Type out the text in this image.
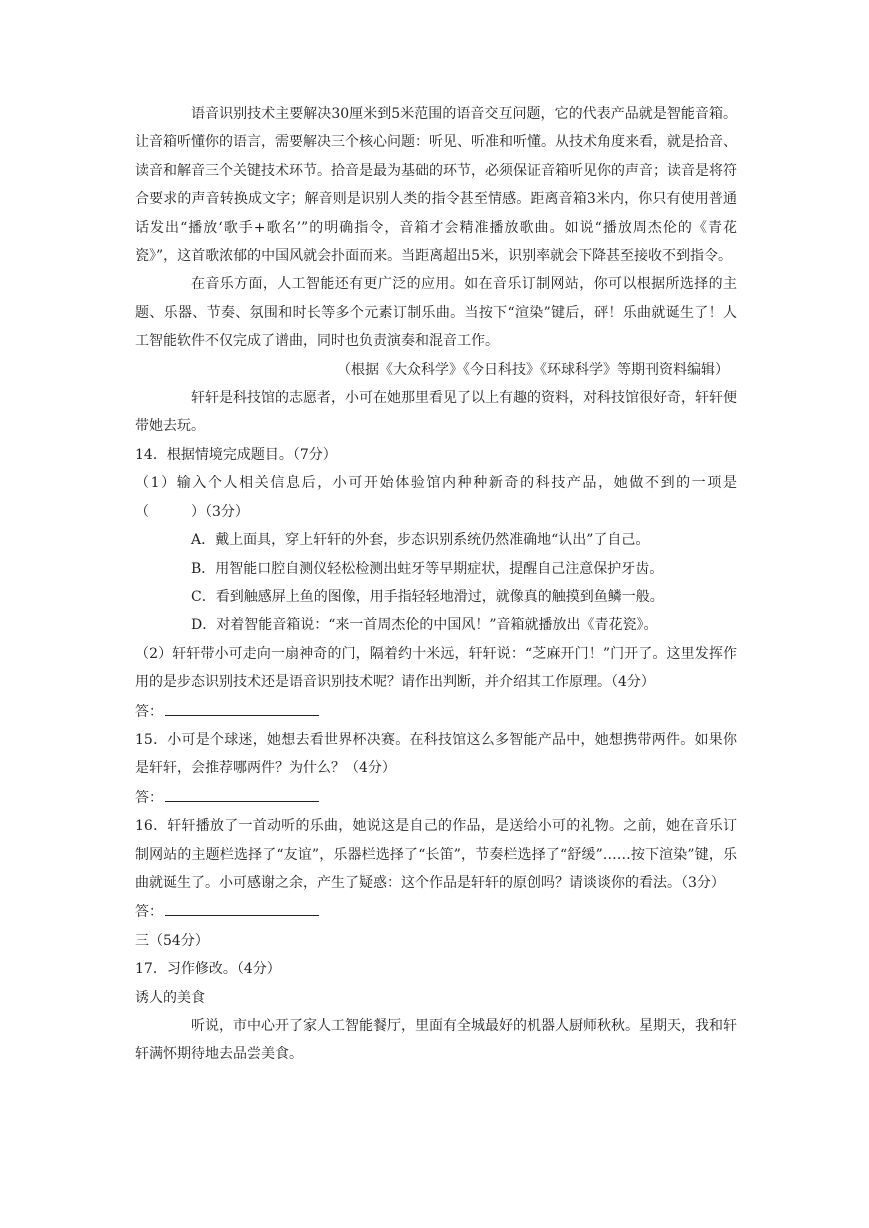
语音识别技术主要解决30厘米到5米范围的语音交互问题，它的代表产品就是智能音箱。让音箱听懂你的语言，需要解决三个核心问题：听见、听准和听懂。从技术角度来看，就是拾音、读音和解音三个关键技术环节。拾音是最为基础的环节，必须保证音箱听见你的声音；读音是将符合要求的声音转换成文字；解音则是识别人类的指令甚至情感。距离音箱3米内，你只有使用普通话发出“播放‘歌手+歌名’”的明确指令，音箱才会精准播放歌曲。如说“播放周杰伦的《青花瓷》”，这首歌浓郁的中国风就会扑面而来。当距离超出5米，识别率就会下降甚至接收不到指令。

在音乐方面，人工智能还有更广泛的应用。如在音乐订制网站，你可以根据所选择的主题、乐器、节奏、氛围和时长等多个元素订制乐曲。当按下“渲染”键后，砰！乐曲就诞生了！人工智能软件不仅完成了谱曲，同时也负责演奏和混音工作。

（根据《大众科学》《今日科技》《环球科学》等期刊资料编辑）

轩轩是科技馆的志愿者，小可在她那里看见了以上有趣的资料，对科技馆很好奇，轩轩便带她去玩。

14．根据情境完成题目。（7分）

（1）输入个人相关信息后，小可开始体验馆内种种新奇的科技产品，她做不到的一项是（　　　）（3分）

A．戴上面具，穿上轩轩的外套，步态识别系统仍然准确地“认出”了自己。

B．用智能口腔自测仪轻松检测出蛀牙等早期症状，提醒自己注意保护牙齿。

C．看到触感屏上鱼的图像，用手指轻轻地滑过，就像真的触摸到鱼鳞一般。

D．对着智能音箱说：“来一首周杰伦的中国风！”音箱就播放出《青花瓷》。

（2）轩轩带小可走向一扇神奇的门，隔着约十米远，轩轩说：“芝麻开门！”门开了。这里发挥作用的是步态识别技术还是语音识别技术呢？请作出判断，并介绍其工作原理。（4分）

答：

15．小可是个球迷，她想去看世界杯决赛。在科技馆这么多智能产品中，她想携带两件。如果你是轩轩，会推荐哪两件？为什么？（4分）

答：

16．轩轩播放了一首动听的乐曲，她说这是自己的作品，是送给小可的礼物。之前，她在音乐订制网站的主题栏选择了“友谊”，乐器栏选择了“长笛”，节奏栏选择了“舒缓”……按下渲染”键，乐曲就诞生了。小可感谢之余，产生了疑惑：这个作品是轩轩的原创吗？请谈谈你的看法。（3分）

答：

三（54分）

17．习作修改。（4分）

诱人的美食

听说，市中心开了家人工智能餐厅，里面有全城最好的机器人厨师秋秋。星期天，我和轩轩满怀期待地去品尝美食。
